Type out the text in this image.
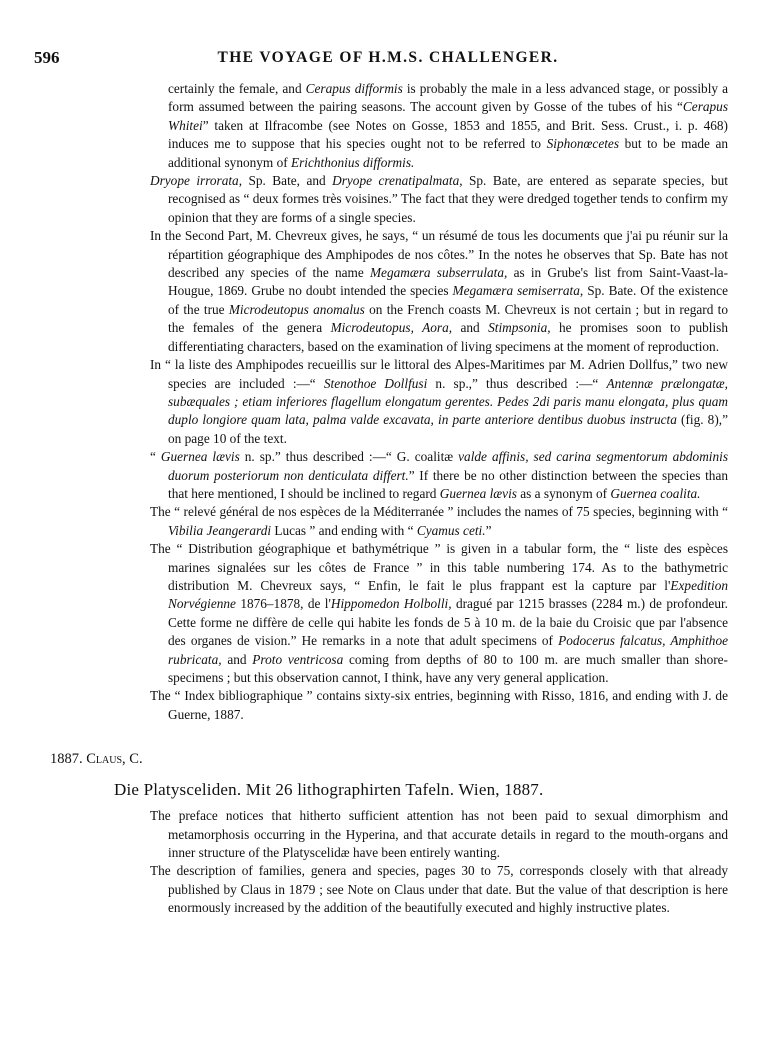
596	THE VOYAGE OF H.M.S. CHALLENGER.

certainly the female, and Cerapus difformis is probably the male in a less advanced stage, or possibly a form assumed between the pairing seasons. The account given by Gosse of the tubes of his “Cerapus Whitei” taken at Ilfracombe (see Notes on Gosse, 1853 and 1855, and Brit. Sess. Crust., i. p. 468) induces me to suppose that his species ought not to be referred to Siphonœcetes but to be made an additional synonym of Erichthonius difformis.

Dryope irrorata, Sp. Bate, and Dryope crenatipalmata, Sp. Bate, are entered as separate species, but recognised as “ deux formes très voisines.” The fact that they were dredged together tends to confirm my opinion that they are forms of a single species.

In the Second Part, M. Chevreux gives, he says, “ un résumé de tous les documents que j'ai pu réunir sur la répartition géographique des Amphipodes de nos côtes.” In the notes he observes that Sp. Bate has not described any species of the name Megamæra subserrulata, as in Grube's list from Saint-Vaast-la-Hougue, 1869. Grube no doubt intended the species Megamæra semiserrata, Sp. Bate. Of the existence of the true Microdeutopus anomalus on the French coasts M. Chevreux is not certain ; but in regard to the females of the genera Microdeutopus, Aora, and Stimpsonia, he promises soon to publish differentiating characters, based on the examination of living specimens at the moment of reproduction.

In “ la liste des Amphipodes recueillis sur le littoral des Alpes-Maritimes par M. Adrien Dollfus,” two new species are included :—“ Stenothoe Dollfusi n. sp.,” thus described :—“ Antennæ prælongatæ, subæquales ; etiam inferiores flagellum elongatum gerentes. Pedes 2di paris manu elongata, plus quam duplo longiore quam lata, palma valde excavata, in parte anteriore dentibus duobus instructa (fig. 8),” on page 10 of the text.

“ Guernea lævis n. sp.” thus described :—“ G. coalitæ valde affinis, sed carina segmentorum abdominis duorum posteriorum non denticulata differt.” If there be no other distinction between the species than that here mentioned, I should be inclined to regard Guernea lævis as a synonym of Guernea coalita.

The “ relevé général de nos espèces de la Méditerranée ” includes the names of 75 species, beginning with “ Vibilia Jeangerardi Lucas ” and ending with “ Cyamus ceti.”

The “ Distribution géographique et bathymétrique ” is given in a tabular form, the “ liste des espèces marines signalées sur les côtes de France ” in this table numbering 174. As to the bathymetric distribution M. Chevreux says, “ Enfin, le fait le plus frappant est la capture par l'Expedition Norvégienne 1876–1878, de l'Hippomedon Holbolli, dragué par 1215 brasses (2284 m.) de profondeur. Cette forme ne diffère de celle qui habite les fonds de 5 à 10 m. de la baie du Croisic que par l'absence des organes de vision.” He remarks in a note that adult specimens of Podocerus falcatus, Amphithoe rubricata, and Proto ventricosa coming from depths of 80 to 100 m. are much smaller than shore-specimens ; but this observation cannot, I think, have any very general application.

The “ Index bibliographique ” contains sixty-six entries, beginning with Risso, 1816, and ending with J. de Guerne, 1887.

1887. Claus, C.
Die Platysceliden. Mit 26 lithographirten Tafeln. Wien, 1887.

The preface notices that hitherto sufficient attention has not been paid to sexual dimorphism and metamorphosis occurring in the Hyperina, and that accurate details in regard to the mouth-organs and inner structure of the Platyscelidæ have been entirely wanting.

The description of families, genera and species, pages 30 to 75, corresponds closely with that already published by Claus in 1879 ; see Note on Claus under that date. But the value of that description is here enormously increased by the addition of the beautifully executed and highly instructive plates.
